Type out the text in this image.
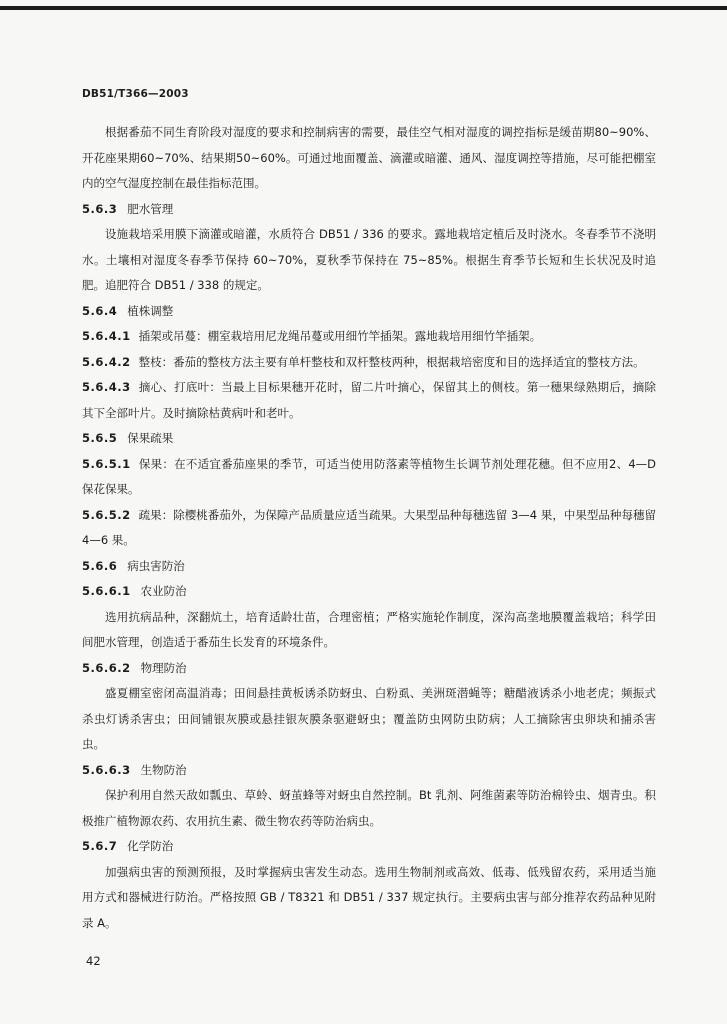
DB51/T366—2003

根据番茄不同生育阶段对湿度的要求和控制病害的需要，最佳空气相对湿度的调控指标是缓苗期80~90%、开花座果期60~70%、结果期50~60%。可通过地面覆盖、滴灌或暗灌、通风、湿度调控等措施，尽可能把棚室内的空气湿度控制在最佳指标范围。

5.6.3 肥水管理

设施栽培采用膜下滴灌或暗灌，水质符合 DB51 / 336 的要求。露地栽培定植后及时浇水。冬春季节不浇明水。土壤相对湿度冬春季节保持 60~70%，夏秋季节保持在 75~85%。根据生育季节长短和生长状况及时追肥。追肥符合 DB51 / 338 的规定。

5.6.4 植株调整

5.6.4.1 插架或吊蔓：棚室栽培用尼龙绳吊蔓或用细竹竿插架。露地栽培用细竹竿插架。

5.6.4.2 整枝：番茄的整枝方法主要有单杆整枝和双杆整枝两种，根据栽培密度和目的选择适宜的整枝方法。

5.6.4.3 摘心、打底叶：当最上目标果穗开花时，留二片叶摘心，保留其上的侧枝。第一穗果绿熟期后，摘除其下全部叶片。及时摘除枯黄病叶和老叶。

5.6.5 保果疏果

5.6.5.1 保果：在不适宜番茄座果的季节，可适当使用防落素等植物生长调节剂处理花穗。但不应用2、4—D 保花保果。

5.6.5.2 疏果：除樱桃番茄外，为保障产品质量应适当疏果。大果型品种每穗选留 3—4 果，中果型品种每穗留 4—6 果。

5.6.6 病虫害防治

5.6.6.1 农业防治

选用抗病品种，深翻炕土，培育适龄壮苗，合理密植；严格实施轮作制度，深沟高垄地膜覆盖栽培；科学田间肥水管理，创造适于番茄生长发育的环境条件。

5.6.6.2 物理防治

盛夏棚室密闭高温消毒；田间悬挂黄板诱杀防蚜虫、白粉虱、美洲斑潜蝇等；糖醋液诱杀小地老虎；频振式杀虫灯诱杀害虫；田间铺银灰膜或悬挂银灰膜条驱避蚜虫；覆盖防虫网防虫防病；人工摘除害虫卵块和捕杀害虫。

5.6.6.3 生物防治

保护利用自然天敌如瓢虫、草蛉、蚜茧蜂等对蚜虫自然控制。Bt 乳剂、阿维菌素等防治棉铃虫、烟青虫。积极推广植物源农药、农用抗生素、微生物农药等防治病虫。

5.6.7 化学防治

加强病虫害的预测预报，及时掌握病虫害发生动态。选用生物制剂或高效、低毒、低残留农药，采用适当施用方式和器械进行防治。严格按照 GB / T8321 和 DB51 / 337 规定执行。主要病虫害与部分推荐农药品种见附录 A。

42
